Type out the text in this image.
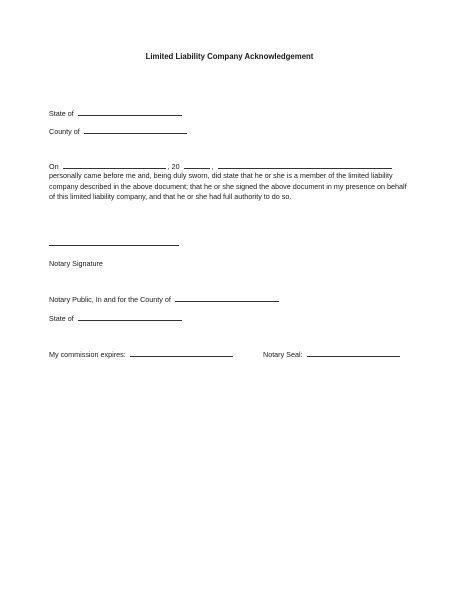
Limited Liability Company Acknowledgement
State of
County of
On	, 20	,
personally came before me and, being duly sworn, did state that he or she is a member of the limited liability company described in the above document; that he or she signed the above document in my presence on behalf of this limited liability company, and that he or she had full authority to do so.
Notary Signature
Notary Public, In and for the County of
State of
My commission expires:	Notary Seal:
